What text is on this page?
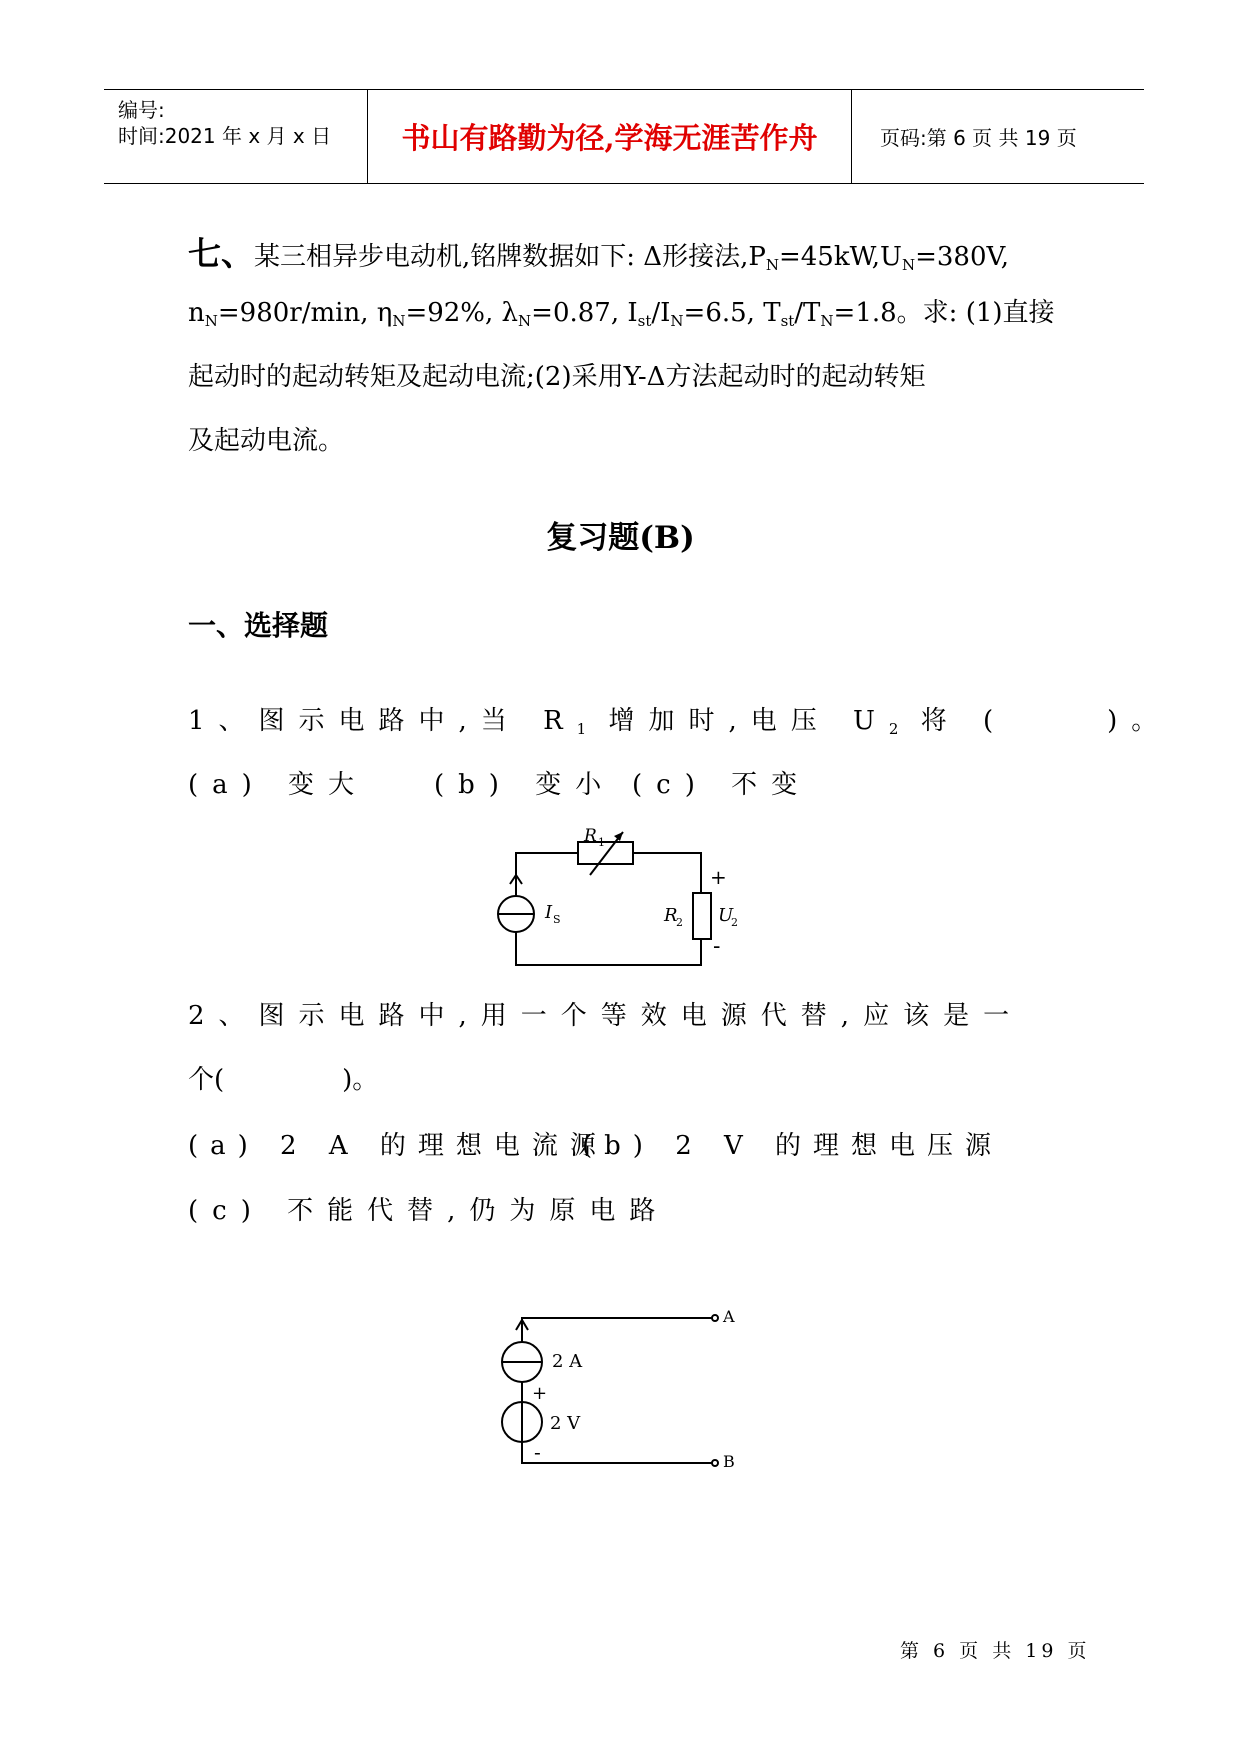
编号:
时间:2021 年 x 月 x 日	书山有路勤为径,学海无涯苦作舟	页码:第 6 页 共 19 页
七、某三相异步电动机,铭牌数据如下: Δ形接法$,P_N=45kW,U_N=380V$,
$n_N=980r/\min$, $\eta_N=92\%$, $\lambda_N=0.87$, $I_{st}/I_N=6.5$, $T_{st}/T_N=1.8$。求: (1)直接
起动时的起动转矩及起动电流;(2)采用Y-Δ方法起动时的起动转矩
及起动电流。
复习题(B)
一、选择题
1、图示电路中,当 $R_1$ 增加时,电压 $U_2$ 将 (	)。
(a) 变大	(b) 变小 (c) 不变
R 1
I S	R
2 U
2
+
-
2、图示电路中,用一个等效电源代替,应该是一
个(	)。
(a) 2 A 的理想电流源
(b) 2 V 的理想电压源
(c) 不能代替,仍为原电路
A
B
2 A
2 V
+
-
第 6 页 共 19 页
